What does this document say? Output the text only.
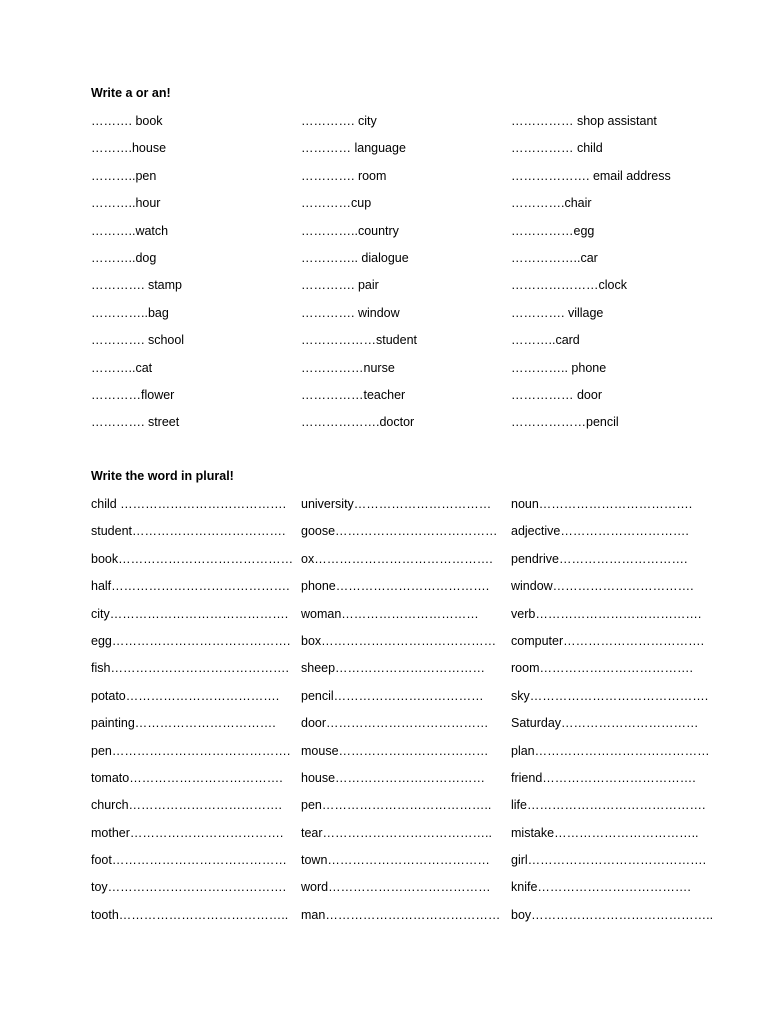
Write a or an!
………. book	…………. city	…………… shop assistant
……….house	………… language	…………… child
………..pen	…………. room	………………. email address
………..hour	…………cup	………….chair
………..watch	…………..country	……………egg
………..dog	………….. dialogue	……………..car
…………. stamp	…………. pair	…………………clock
…………..bag	…………. window	…………. village
…………. school	………………student	………..card
………..cat	……………nurse	………….. phone
…………flower	……………teacher	…………… door
…………. street	……………….doctor	………………pencil
Write the word in plural!
child ………………………………….	university……………………………	noun……………………………….
student……………………………….	goose…………………………………	adjective………………………….
book…………………………………… ox…………………………………….	pendrive………………………….
half……………………………………. phone……………………………….	window…………………………….
city…………………………………….	woman……………………………	verb………………………………….
egg……………………………………. box……………………………………	computer…………………………….
fish……………………………………. sheep………………………………	room……………………………….
potato……………………………….	pencil………………………………	sky…………………………………….
painting…………………………….	door…………………………………	Saturday……………………………
pen……………………………………. mouse………………………………	plan……………………………………
tomato……………………………….	house………………………………	friend……………………………….
church……………………………….	pen…………………………………..	life…………………………………….
mother……………………………….	tear…………………………………..	mistake……………………………..
foot……………………………………	town…………………………………	girl…………………………………….
toy…………………………………….	word…………………………………	knife……………………………….
tooth…………………………………..	man…………………………………… boy……………………………………..
